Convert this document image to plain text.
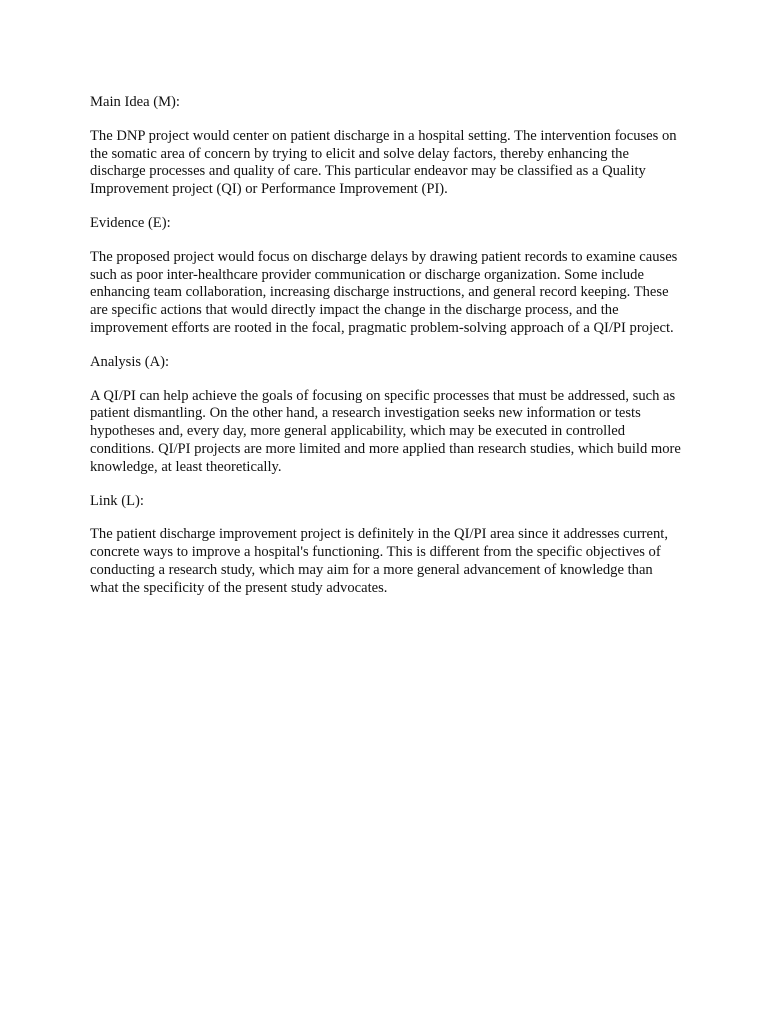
Main Idea (M):

The DNP project would center on patient discharge in a hospital setting. The intervention focuses on the somatic area of concern by trying to elicit and solve delay factors, thereby enhancing the discharge processes and quality of care. This particular endeavor may be classified as a Quality Improvement project (QI) or Performance Improvement (PI).

Evidence (E):

The proposed project would focus on discharge delays by drawing patient records to examine causes such as poor inter-healthcare provider communication or discharge organization. Some include enhancing team collaboration, increasing discharge instructions, and general record keeping. These are specific actions that would directly impact the change in the discharge process, and the improvement efforts are rooted in the focal, pragmatic problem-solving approach of a QI/PI project.

Analysis (A):

A QI/PI can help achieve the goals of focusing on specific processes that must be addressed, such as patient dismantling. On the other hand, a research investigation seeks new information or tests hypotheses and, every day, more general applicability, which may be executed in controlled conditions. QI/PI projects are more limited and more applied than research studies, which build more knowledge, at least theoretically.

Link (L):

The patient discharge improvement project is definitely in the QI/PI area since it addresses current, concrete ways to improve a hospital's functioning. This is different from the specific objectives of conducting a research study, which may aim for a more general advancement of knowledge than what the specificity of the present study advocates.
